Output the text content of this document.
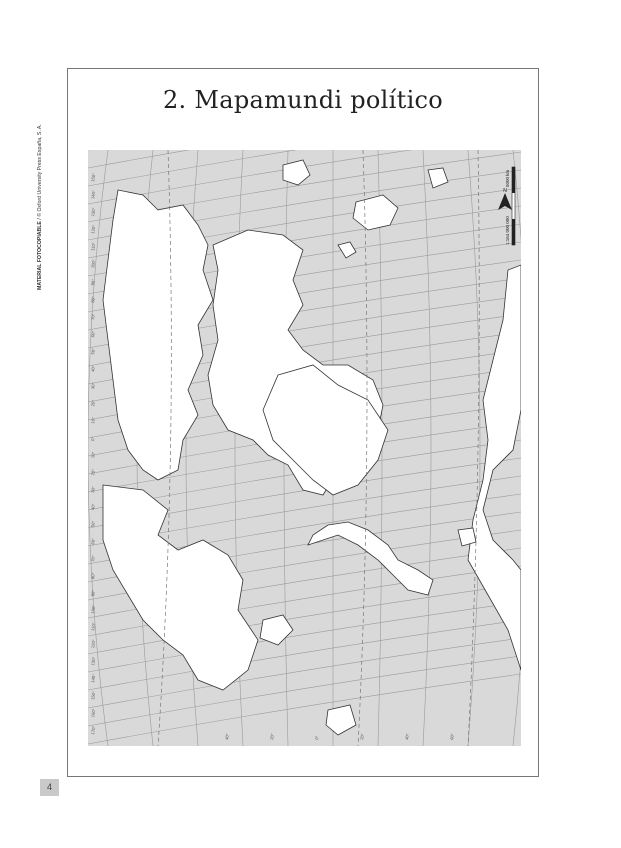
MATERIAL FOTOCOPIABLE / © Oxford University Press España, S. A.
2. Mapamundi político
150°
140°
130°
120°
110°
100°
90°
80°
70°
60°
50°
40°
30°
20°
10°
0°
10°
20°
30°
40°
50°
60°
70°
80°
90°
100°
110°
120°
130°
140°
150°
160°
170°
40°	20°	0°	20°	40°	60°
N
5000 km
1:164 000 000
4
